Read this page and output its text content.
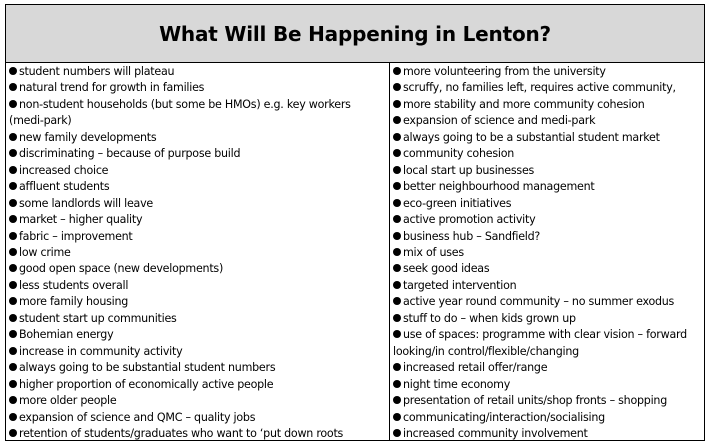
What Will Be Happening in Lenton?
student numbers will plateau
natural trend for growth in families
non-student households (but some be HMOs) e.g. key workers (medi-park)
new family developments
discriminating – because of purpose build
increased choice
affluent students
some landlords will leave
market – higher quality
fabric – improvement
low crime
good open space (new developments)
less students overall
more family housing
student start up communities
Bohemian energy
increase in community activity
always going to be substantial student numbers
higher proportion of economically active people
more older people
expansion of science and QMC – quality jobs
retention of students/graduates who want to ‘put down roots
more volunteering from the university
scruffy, no families left, requires active community,
more stability and more community cohesion
expansion of science and medi-park
always going to be a substantial student market
community cohesion
local start up businesses
better neighbourhood management
eco-green initiatives
active promotion activity
business hub – Sandfield?
mix of uses
seek good ideas
targeted intervention
active year round community – no summer exodus
stuff to do – when kids grown up
use of spaces: programme with clear vision – forward looking/in control/flexible/changing
increased retail offer/range
night time economy
presentation of retail units/shop fronts – shopping
communicating/interaction/socialising
increased community involvement
